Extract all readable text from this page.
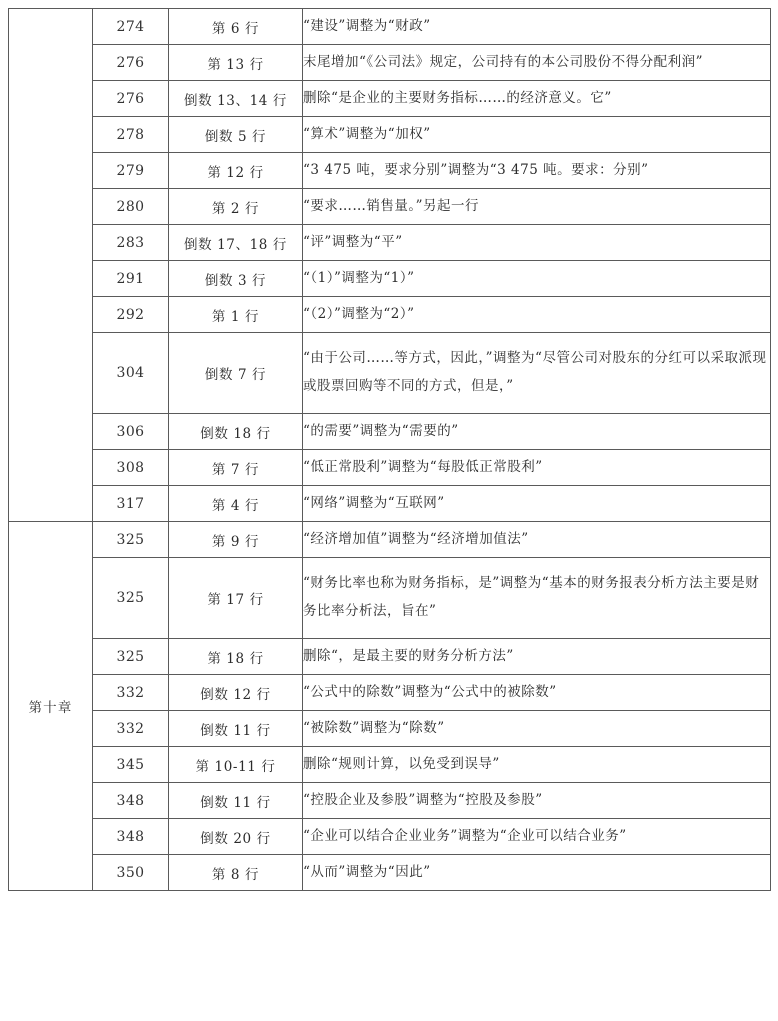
	274	第 6 行	“建设”调整为“财政”
	276	第 13 行	末尾增加“《公司法》规定，公司持有的本公司股份不得分配利润”
	276	倒数 13、14 行	删除“是企业的主要财务指标……的经济意义。它”
	278	倒数 5 行	“算术”调整为“加权”
	279	第 12 行	“3 475 吨，要求分别”调整为“3 475 吨。要求：分别”
	280	第 2 行	“要求……销售量。”另起一行
	283	倒数 17、18 行	“评”调整为“平”
	291	倒数 3 行	“（1）”调整为“1）”
	292	第 1 行	“（2）”调整为“2）”
	304	倒数 7 行	“由于公司……等方式，因此，”调整为“尽管公司对股东的分红可以采取派现或股票回购等不同的方式，但是，”
	306	倒数 18 行	“的需要”调整为“需要的”
	308	第 7 行	“低正常股利”调整为“每股低正常股利”
	317	第 4 行	“网络”调整为“互联网”
第十章	325	第 9 行	“经济增加值”调整为“经济增加值法”
	325	第 17 行	“财务比率也称为财务指标，是”调整为“基本的财务报表分析方法主要是财务比率分析法，旨在”
	325	第 18 行	删除“，是最主要的财务分析方法”
	332	倒数 12 行	“公式中的除数”调整为“公式中的被除数”
	332	倒数 11 行	“被除数”调整为“除数”
	345	第 10-11 行	删除“规则计算，以免受到误导”
	348	倒数 11 行	“控股企业及参股”调整为“控股及参股”
	348	倒数 20 行	“企业可以结合企业业务”调整为“企业可以结合业务”
	350	第 8 行	“从而”调整为“因此”
